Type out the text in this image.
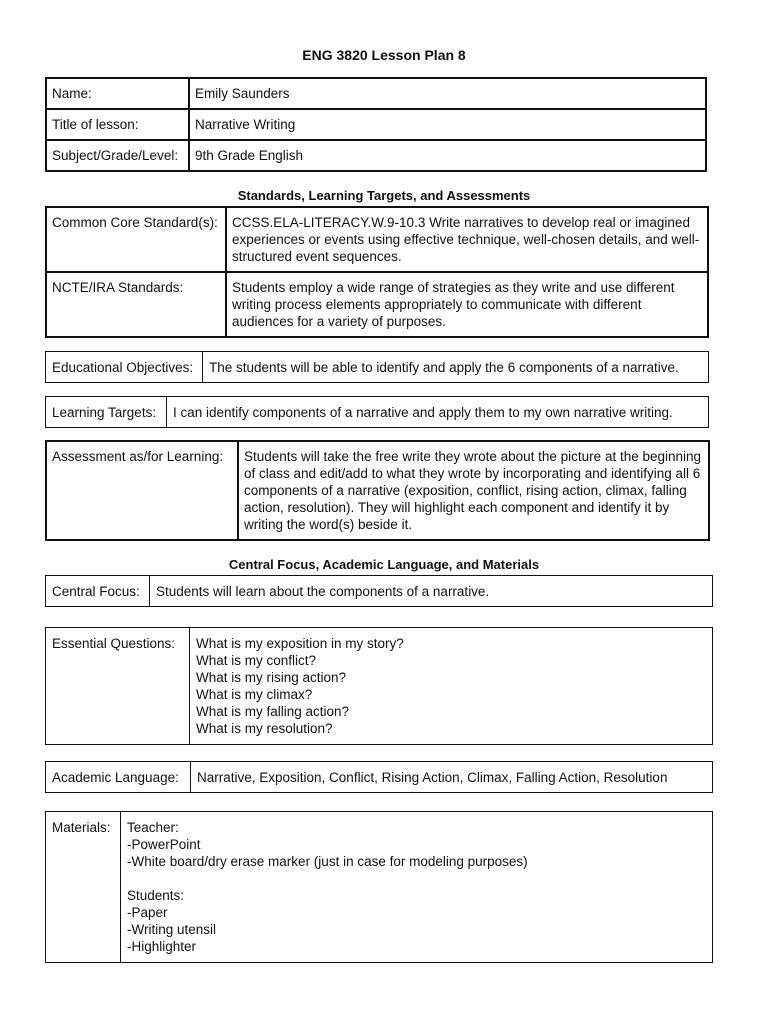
ENG 3820 Lesson Plan 8
Name:	Emily Saunders
Title of lesson:	Narrative Writing
Subject/Grade/Level:	9th Grade English
Standards, Learning Targets, and Assessments
Common Core Standard(s):	CCSS.ELA-LITERACY.W.9-10.3 Write narratives to develop real or imagined experiences or events using effective technique, well-chosen details, and well-structured event sequences.
NCTE/IRA Standards:	Students employ a wide range of strategies as they write and use different writing process elements appropriately to communicate with different audiences for a variety of purposes.
Educational Objectives:	The students will be able to identify and apply the 6 components of a narrative.
Learning Targets:	I can identify components of a narrative and apply them to my own narrative writing.
Assessment as/for Learning:	Students will take the free write they wrote about the picture at the beginning of class and edit/add to what they wrote by incorporating and identifying all 6 components of a narrative (exposition, conflict, rising action, climax, falling action, resolution). They will highlight each component and identify it by writing the word(s) beside it.
Central Focus, Academic Language, and Materials
Central Focus:	Students will learn about the components of a narrative.
Essential Questions:	What is my exposition in my story?
What is my conflict?
What is my rising action?
What is my climax?
What is my falling action?
What is my resolution?
Academic Language:	Narrative, Exposition, Conflict, Rising Action, Climax, Falling Action, Resolution
Materials:	Teacher:
-PowerPoint
-White board/dry erase marker (just in case for modeling purposes)

Students:
-Paper
-Writing utensil
-Highlighter
